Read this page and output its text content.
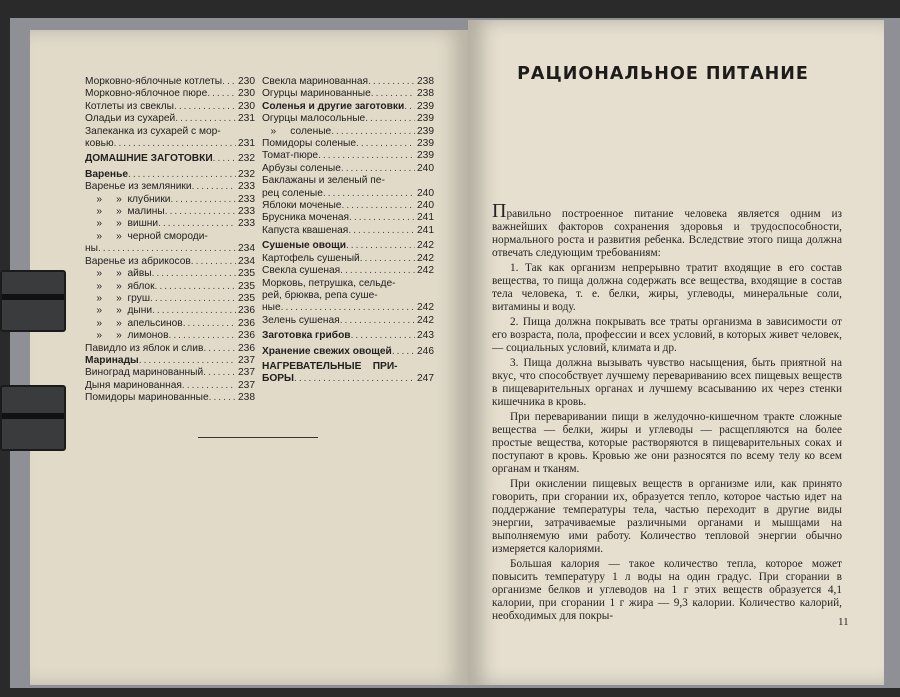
Морковно-яблочные котлеты ..... 230
Морковно-яблочное пюре .....	230
Котлеты из свеклы .....	230
Оладьи из сухарей .....	231
Запеканка из сухарей с мор-
ковью .....	231
ДОМАШНИЕ ЗАГОТОВКИ ..... 232
Варенье .....	232
Варенье из земляники .....	233
»     »  клубники .....	233
»     »  малины .....	233
»     »  вишни .....	233
»     »  черной смороди-
ны .....	234
Варенье из абрикосов .....	234
»     »  айвы .....	235
»     »  яблок .....	235
»     »  груш .....	235
»     »  дыни .....	236
»     »  апельсинов .....	236
»     »  лимонов .....	236
Павидло из яблок и слив .....	236
Маринады .....	237
Виноград маринованный .....	237
Дыня маринованная .....	237
Помидоры маринованные .....	238
Свекла маринованная .....	238
Огурцы маринованные .....	238
Соленья и другие заготовки ..... 239
Огурцы малосольные .....	239
»     соленые .....	239
Помидоры соленые .....	239
Томат-пюре .....	239
Арбузы соленые .....	240
Баклажаны и зеленый пе-
рец соленые .....	240
Яблоки моченые .....	240
Брусника моченая .....	241
Капуста квашеная .....	241
Сушеные овощи .....	242
Картофель сушеный .....	242
Свекла сушеная .....	242
Морковь, петрушка, сельде-
рей, брюква, репа суше-
ные .....	242
Зелень сушеная .....	242
Заготовка грибов .....	243
Хранение свежих овощей ..... 246
НАГРЕВАТЕЛЬНЫЕ    ПРИ-
БОРЫ .....	247
РАЦИОНАЛЬНОЕ ПИТАНИЕ

Правильно построенное питание человека является одним из важнейших факторов сохранения здоровья и трудоспособности, нормального роста и развития ребенка. Вследствие этого пища должна отвечать следующим требованиям:

1. Так как организм непрерывно тратит входящие в его состав вещества, то пища должна содержать все вещества, входящие в состав тела человека, т. е. белки, жиры, углеводы, минеральные соли, витамины и воду.

2. Пища должна покрывать все траты организма в зависимости от его возраста, пола, профессии и всех условий, в которых живет человек, — социальных условий, климата и др.

3. Пища должна вызывать чувство насыщения, быть приятной на вкус, что способствует лучшему перевариванию всех пищевых веществ в пищеварительных органах и лучшему всасыванию их через стенки кишечника в кровь.

При переваривании пищи в желудочно-кишечном тракте сложные вещества — белки, жиры и углеводы — расщепляются на более простые вещества, которые растворяются в пищеварительных соках и поступают в кровь. Кровью же они разносятся по всему телу ко всем органам и тканям.

При окислении пищевых веществ в организме или, как принято говорить, при сгорании их, образуется тепло, которое частью идет на поддержание температуры тела, частью переходит в другие виды энергии, затрачиваемые различными органами и мышцами на выполняемую ими работу. Количество тепловой энергии обычно измеряется калориями.

Большая калория — такое количество тепла, которое может повысить температуру 1 л воды на один градус. При сгорании в организме белков и углеводов на 1 г этих веществ образуется 4,1 калории, при сгорании 1 г жира — 9,3 калории. Количество калорий, необходимых для покры-	11
